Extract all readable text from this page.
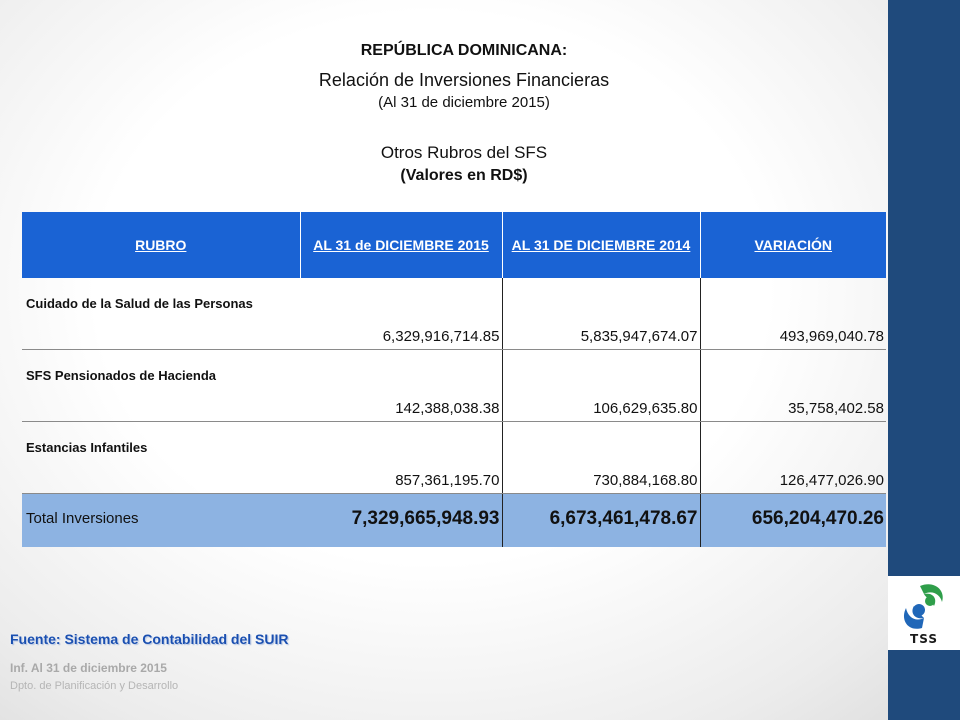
TSS
REPÚBLICA DOMINICANA:
Relación de Inversiones Financieras
(Al 31 de diciembre 2015)
Otros Rubros del SFS
(Valores en RD$)
RUBRO	AL 31 de DICIEMBRE 2015	AL 31 DE DICIEMBRE 2014	VARIACIÓN
Cuidado de la Salud de las Personas	6,329,916,714.85	5,835,947,674.07	493,969,040.78
SFS Pensionados de Hacienda	142,388,038.38	106,629,635.80	35,758,402.58
Estancias Infantiles	857,361,195.70	730,884,168.80	126,477,026.90
Total Inversiones	7,329,665,948.93	6,673,461,478.67	656,204,470.26
Fuente: Sistema de Contabilidad del SUIR
Inf. Al 31 de diciembre 2015
Dpto. de Planificación y Desarrollo
